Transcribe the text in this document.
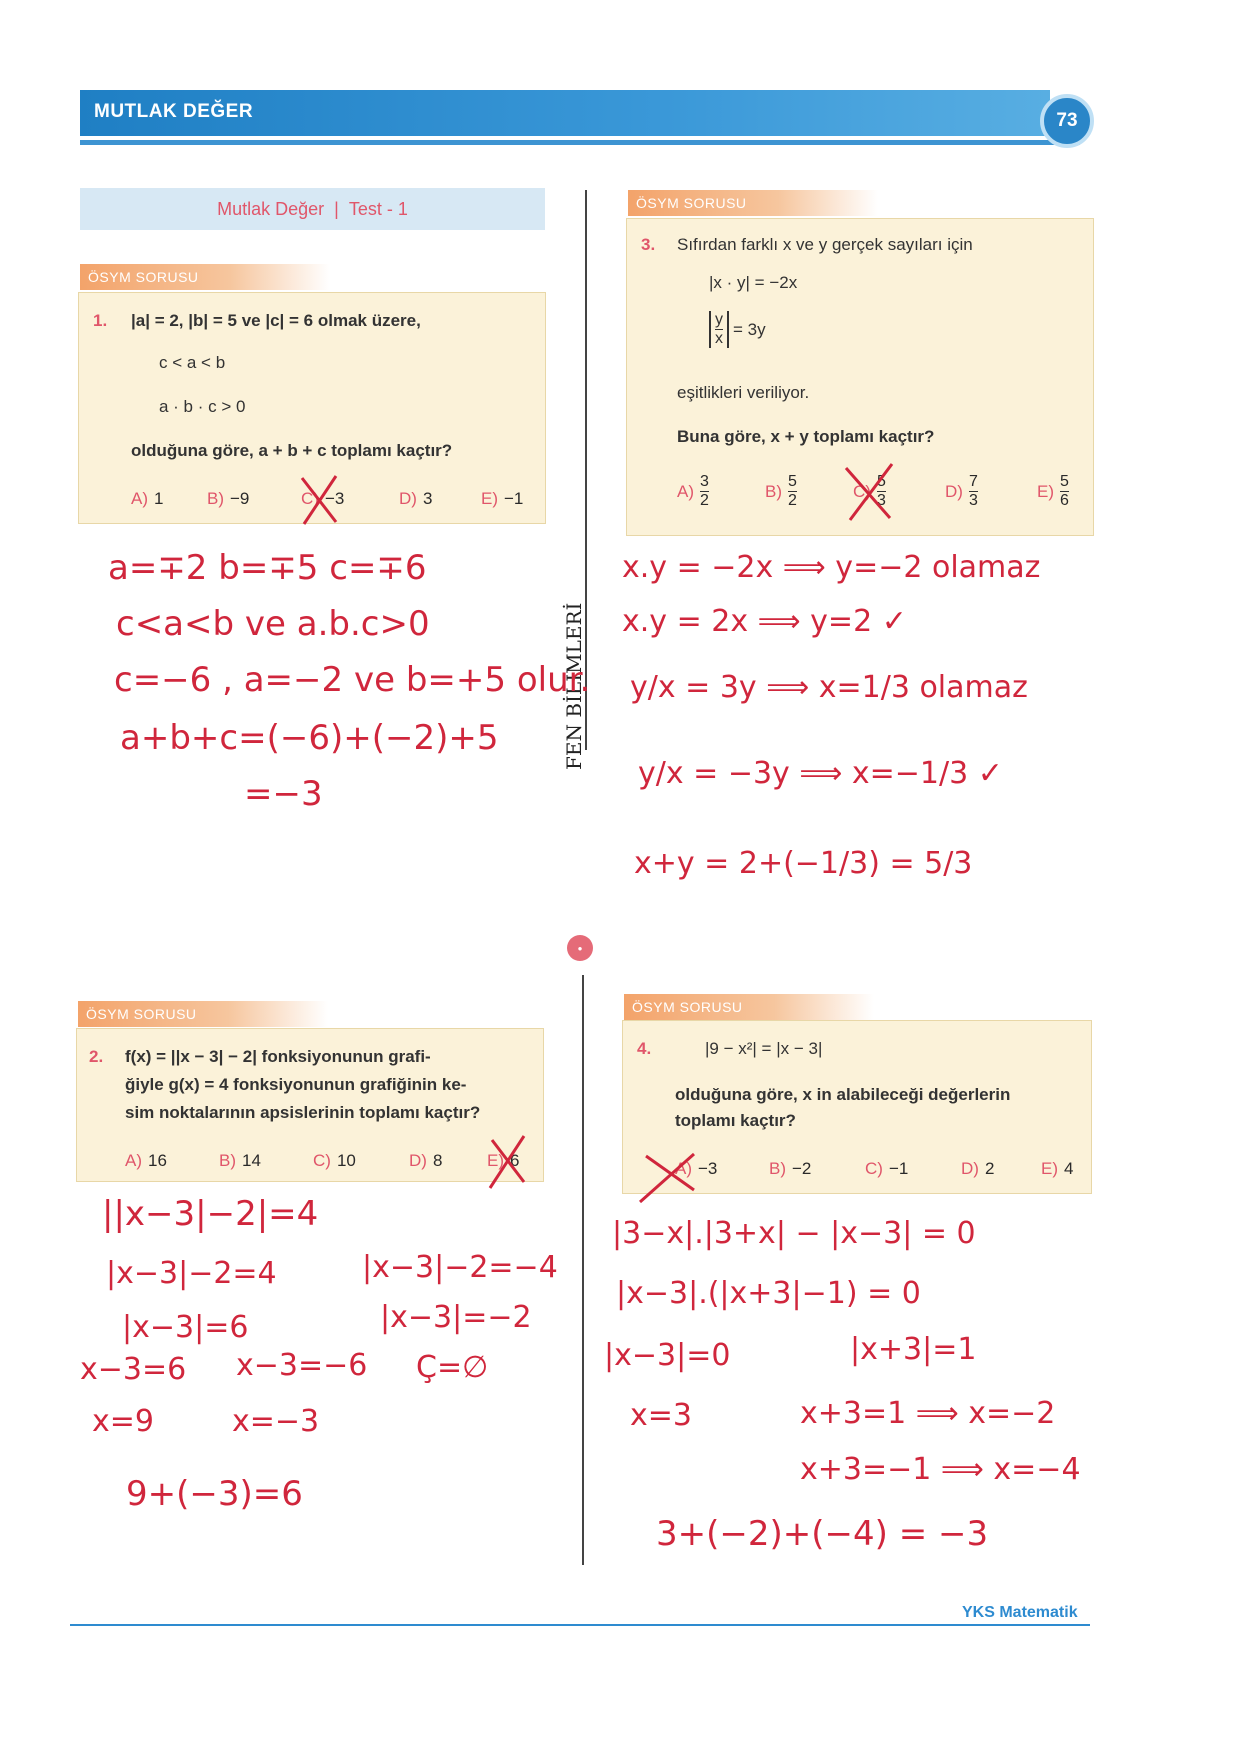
MUTLAK DEĞER	73
Mutlak Değer | Test - 1
FEN BİLİMLERİ
●
ÖSYM SORUSU
1. |a| = 2, |b| = 5 ve |c| = 6 olmak üzere,
c < a < b
a · b · c > 0
olduğuna göre, a + b + c toplamı kaçtır?
A) 1	B) −9	C) −3	D) 3	E) −1
a=∓2 b=∓5 c=∓6
c<a<b ve a.b.c>0
c=−6 , a=−2 ve b=+5 olur.
a+b+c=(−6)+(−2)+5
=−3
ÖSYM SORUSU
3. Sıfırdan farklı x ve y gerçek sayıları için
|x · y| = −2x
$\frac{y}{x} = 3y$
eşitlikleri veriliyor.
Buna göre, x + y toplamı kaçtır?
$A) \frac{3}{2}$	$B) \frac{5}{2}$	$C) \frac{5}{3}$	$D) \frac{7}{3}$	$E) \frac{5}{6}$
x.y = −2x ⟹ y=−2 olamaz
x.y = 2x ⟹ y=2 ✓
y/x = 3y ⟹ x=1/3 olamaz
y/x = −3y ⟹ x=−1/3 ✓
x+y = 2+(−1/3) = 5/3
ÖSYM SORUSU
2. f(x) = ||x − 3| − 2| fonksiyonunun grafi-
ğiyle g(x) = 4 fonksiyonunun grafiğinin ke-
sim noktalarının apsislerinin toplamı kaçtır?
A) 16	B) 14	C) 10	D) 8	E) 6
||x−3|−2|=4
|x−3|−2=4	|x−3|−2=−4
|x−3|=6	|x−3|=−2
x−3=6 x−3=−6 Ç=∅
x=9	x=−3
9+(−3)=6
ÖSYM SORUSU
4.	|9 − x²| = |x − 3|
olduğuna göre, x in alabileceği değerlerin
toplamı kaçtır?
A) −3	B) −2	C) −1	D) 2	E) 4
|3−x|.|3+x| − |x−3| = 0
|x−3|.(|x+3|−1) = 0
|x−3|=0	|x+3|=1
x=3	x+3=1 ⟹ x=−2
x+3=−1 ⟹ x=−4
3+(−2)+(−4) = −3
YKS Matematik
